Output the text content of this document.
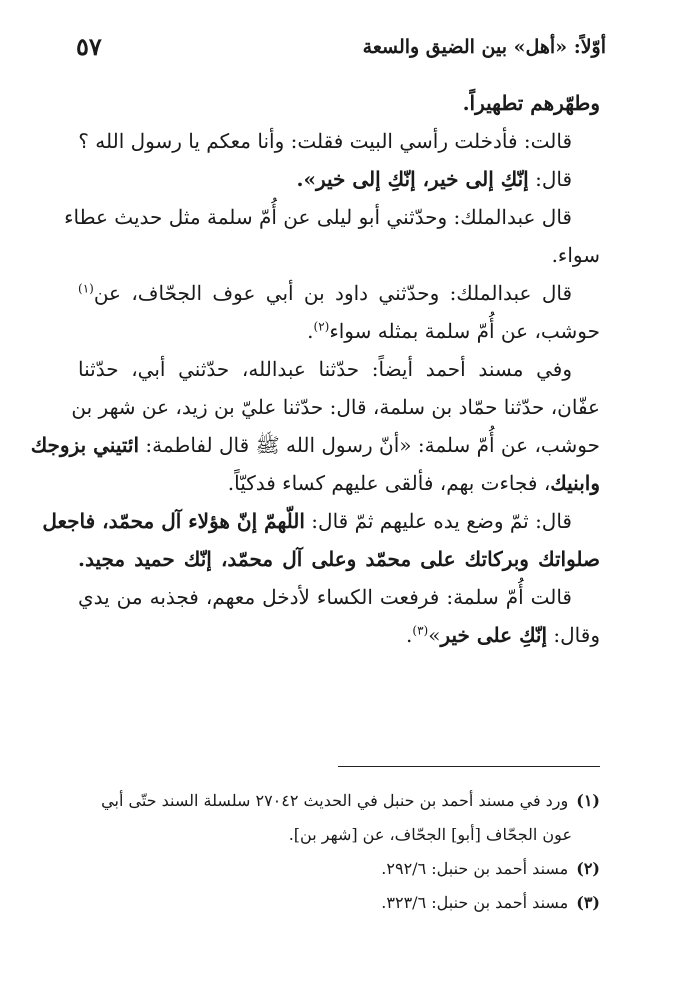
أوّلاً: «أهل» بين الضيق والسعة
٥٧
وطهّرهم تطهيراً.
قالت: فأدخلت رأسي البيت فقلت: وأنا معكم يا رسول الله ؟
قال: إنّكِ إلى خير، إنّكِ إلى خير».
قال عبدالملك: وحدّثني أبو ليلى عن أُمّ سلمة مثل حديث عطاء
سواء.
قال عبدالملك: وحدّثني داود بن أبي عوف الجحّاف، عن$^{(١)}$
حوشب، عن أُمّ سلمة بمثله سواء$^{(٢)}$.
وفي مسند أحمد أيضاً: حدّثنا عبدالله، حدّثني أبي، حدّثنا
عفّان، حدّثنا حمّاد بن سلمة، قال: حدّثنا عليّ بن زيد، عن شهر بن
حوشب، عن أُمّ سلمة: «أنّ رسول الله ﷺ قال لفاطمة: ائتيني بزوجك
وابنيك، فجاءت بهم، فألقى عليهم كساء فدكيّاً.
قال: ثمّ وضع يده عليهم ثمّ قال: اللّهمّ إنّ هؤلاء آل محمّد، فاجعل
صلواتك وبركاتك على محمّد وعلى آل محمّد، إنّك حميد مجيد.
قالت أُمّ سلمة: فرفعت الكساء لأدخل معهم، فجذبه من يدي
وقال: إنّكِ على خير»$^{(٣)}$.
(١)ورد في مسند أحمد بن حنبل في الحديث ٢٧٠٤٢ سلسلة السند حتّى أبي
عون الجحّاف [أبو] الجحّاف، عن [شهر بن].
(٢)مسند أحمد بن حنبل: ٢٩٢/٦.
(٣)مسند أحمد بن حنبل: ٣٢٣/٦.
